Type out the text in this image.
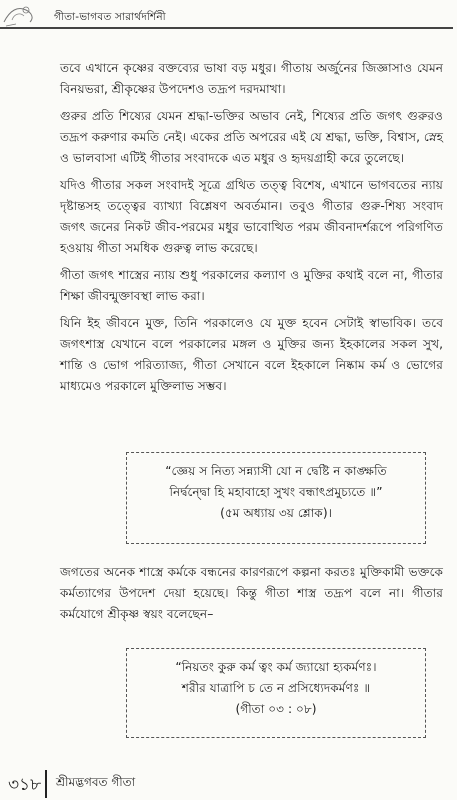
গীতা-ভাগবত সারার্থদর্শিনী

তবে এখানে কৃষ্ণের বক্তব্যের ভাষা বড় মধুর। গীতায় অর্জুনের জিজ্ঞাসাও যেমন বিনয়ভরা, শ্রীকৃষ্ণের উপদেশও তদ্রূপ দরদমাখা।

গুরুর প্রতি শিষ্যের যেমন শ্রদ্ধা-ভক্তির অভাব নেই, শিষ্যের প্রতি জগৎ গুরুরও তদ্রূপ করুণার কমতি নেই। একের প্রতি অপরের এই যে শ্রদ্ধা, ভক্তি, বিশ্বাস, স্নেহ ও ভালবাসা এটিই গীতার সংবাদকে এত মধুর ও হৃদয়গ্রাহী করে তুলেছে।

যদিও গীতার সকল সংবাদই সূত্রে গ্রথিত তত্ত্ব বিশেষ, এখানে ভাগবতের ন্যায় দৃষ্টান্তসহ তত্ত্বের ব্যাখ্যা বিশ্লেষণ অবর্তমান। তবুও গীতার গুরু-শিষ্য সংবাদ জগৎ জনের নিকট জীব-পরমের মধুর ভাবোত্থিত পরম জীবনাদর্শরূপে পরিগণিত হওয়ায় গীতা সমধিক গুরুত্ব লাভ করেছে।

গীতা জগৎ শাস্ত্রের ন্যায় শুধু পরকালের কল্যাণ ও মুক্তির কথাই বলে না, গীতার শিক্ষা জীবন্মুক্তাবস্থা লাভ করা।

যিনি ইহ জীবনে মুক্ত, তিনি পরকালেও যে মুক্ত হবেন সেটাই স্বাভাবিক। তবে জগৎশাস্ত্র যেখানে বলে পরকালের মঙ্গল ও মুক্তির জন্য ইহকালের সকল সুখ, শান্তি ও ভোগ পরিত্যাজ্য, গীতা সেখানে বলে ইহকালে নিষ্কাম কর্ম ও ভোগের মাধ্যমেও পরকালে মুক্তিলাভ সম্ভব।

“জ্ঞেয় স নিত্য সন্ন্যাসী যো ন দ্বেষ্টি ন কাঙ্ক্ষতি
নির্দ্বন্দ্বো হি মহাবাহো সুখং বন্ধাৎপ্রমুচ্যতে ॥”
(৫ম অধ্যায় ৩য় শ্লোক)।

জগতের অনেক শাস্ত্রে কর্মকে বন্ধনের কারণরূপে কল্পনা করতঃ মুক্তিকামী ভক্তকে কর্মত্যাগের উপদেশ দেয়া হয়েছে। কিন্তু গীতা শাস্ত্র তদ্রূপ বলে না। গীতার কর্মযোগে শ্রীকৃষ্ণ স্বয়ং বলেছেন–

“নিয়তং কুরু কর্ম ত্বং কর্ম জ্যায়ো হ্যকর্মণঃ।
শরীর যাত্রাপি চ তে ন প্রসিধ্যেদকর্মণঃ ॥
(গীতা ০৩ : ০৮)
৩১৮ শ্রীমদ্ভগবত গীতা
